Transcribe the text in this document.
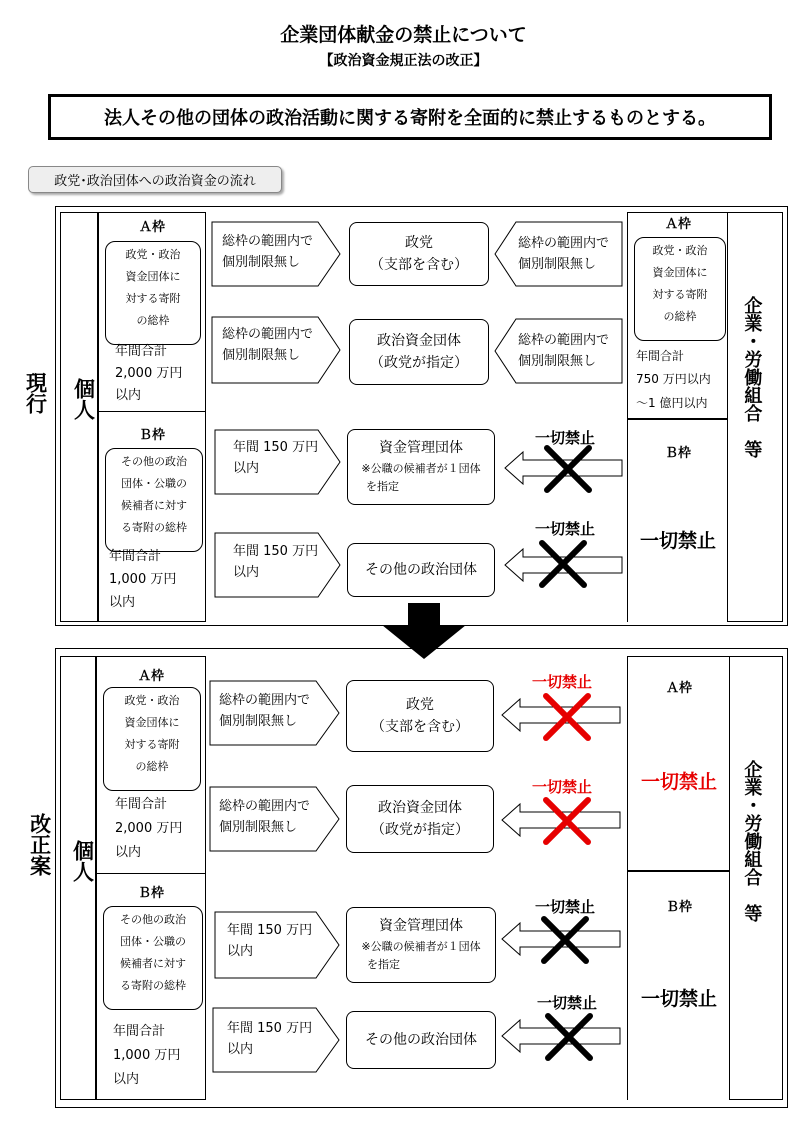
企業団体献金の禁止について
【政治資金規正法の改正】
法人その他の団体の政治活動に関する寄附を全面的に禁止するものとする。
政党･政治団体への政治資金の流れ
現行 個人
Ａ枠
政党・政治
資金団体に
対する寄附
の総枠
年間合計
2,000 万円
以内
Ｂ枠
その他の政治
団体・公職の
候補者に対す
る寄附の総枠
年間合計
1,000 万円
以内
総枠の範囲内で
個別制限無し
総枠の範囲内で
個別制限無し
年間 150 万円
以内
年間 150 万円
以内
政党
（支部を含む）
政治資金団体
（政党が指定）
資金管理団体
※公職の候補者が１団体
を指定
その他の政治団体
総枠の範囲内で
個別制限無し
総枠の範囲内で
個別制限無し
一切禁止
一切禁止
Ａ枠
政党・政治
資金団体に
対する寄附
の総枠
年間合計
750 万円以内
～1 億円以内
Ｂ枠
一切禁止
企業・労働組合　等
改正案 個人
Ａ枠
政党・政治
資金団体に
対する寄附
の総枠
年間合計
2,000 万円
以内
Ｂ枠
その他の政治
団体・公職の
候補者に対す
る寄附の総枠
年間合計
1,000 万円
以内
総枠の範囲内で
個別制限無し
総枠の範囲内で
個別制限無し
年間 150 万円
以内
年間 150 万円
以内
政党
（支部を含む）
政治資金団体
（政党が指定）
資金管理団体
※公職の候補者が１団体
を指定
その他の政治団体
一切禁止
一切禁止
一切禁止
一切禁止
Ａ枠
一切禁止
Ｂ枠
一切禁止
企業・労働組合　等
